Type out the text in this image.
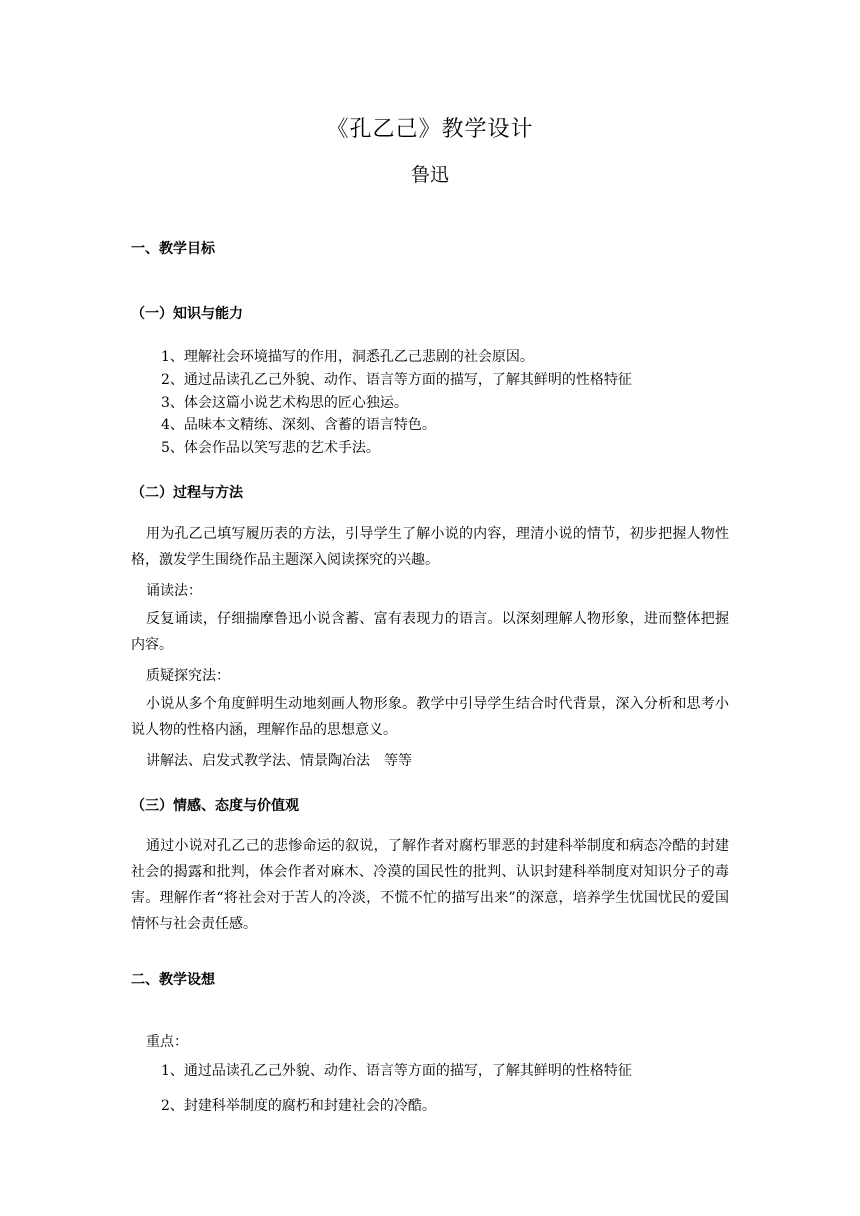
《孔乙己》教学设计
鲁迅
一、教学目标
（一）知识与能力
1、理解社会环境描写的作用，洞悉孔乙己悲剧的社会原因。
2、通过品读孔乙己外貌、动作、语言等方面的描写，了解其鲜明的性格特征
3、体会这篇小说艺术构思的匠心独运。
4、品味本文精练、深刻、含蓄的语言特色。
5、体会作品以笑写悲的艺术手法。
（二）过程与方法
用为孔乙己填写履历表的方法，引导学生了解小说的内容，理清小说的情节，初步把握人物性格，激发学生围绕作品主题深入阅读探究的兴趣。
诵读法：
反复诵读，仔细揣摩鲁迅小说含蓄、富有表现力的语言。以深刻理解人物形象，进而整体把握内容。
质疑探究法：
小说从多个角度鲜明生动地刻画人物形象。教学中引导学生结合时代背景，深入分析和思考小说人物的性格内涵，理解作品的思想意义。
讲解法、启发式教学法、情景陶冶法　等等
（三）情感、态度与价值观
通过小说对孔乙己的悲惨命运的叙说，了解作者对腐朽罪恶的封建科举制度和病态冷酷的封建社会的揭露和批判，体会作者对麻木、冷漠的国民性的批判、认识封建科举制度对知识分子的毒害。理解作者“将社会对于苦人的冷淡，不慌不忙的描写出来”的深意，培养学生忧国忧民的爱国情怀与社会责任感。
二、教学设想
重点：
1、通过品读孔乙己外貌、动作、语言等方面的描写，了解其鲜明的性格特征
2、封建科举制度的腐朽和封建社会的冷酷。
